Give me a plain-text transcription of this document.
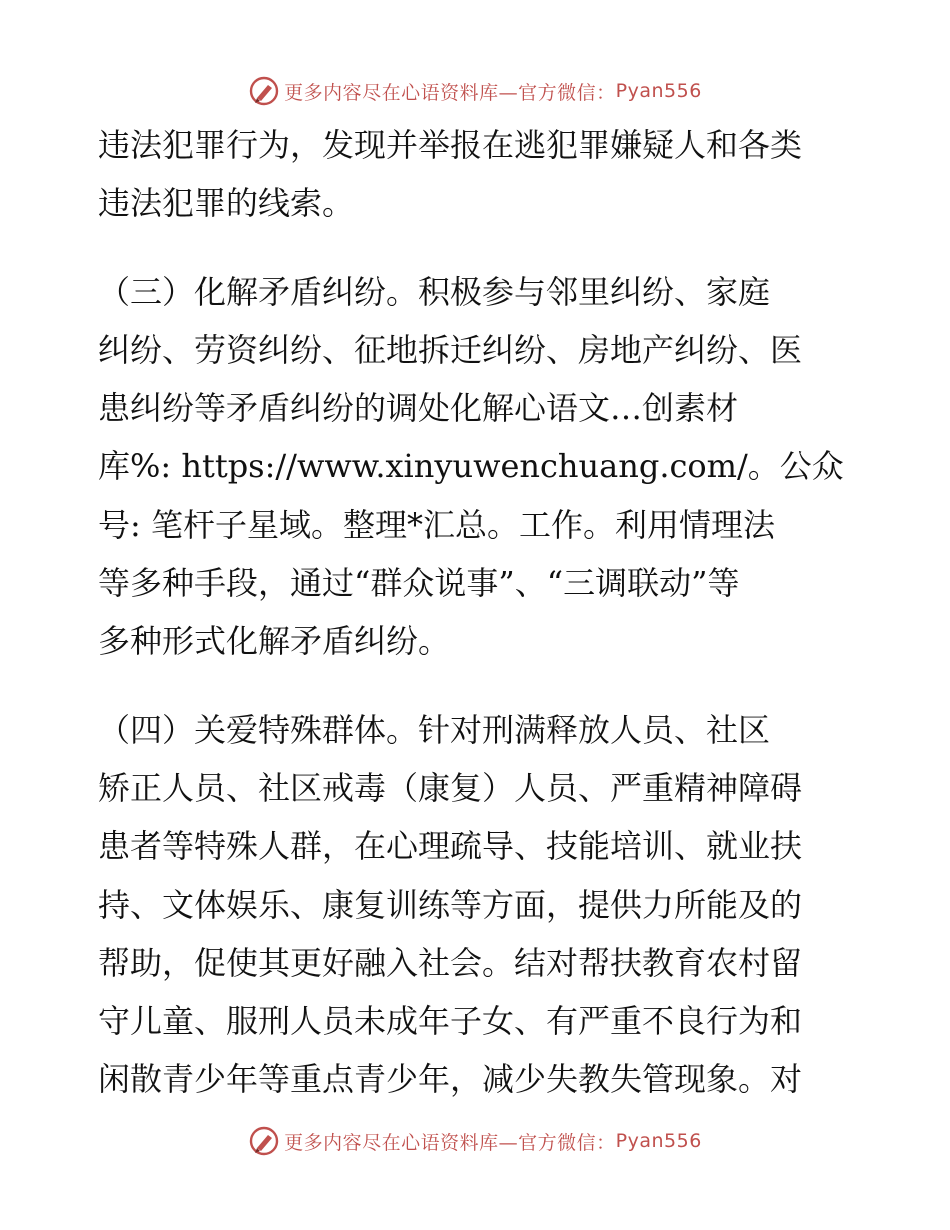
更多内容尽在心语资料库—官方微信： Pyan556
违法犯罪行为，发现并举报在逃犯罪嫌疑人和各类
违法犯罪的线索。
（三）化解矛盾纠纷。积极参与邻里纠纷、家庭
纠纷、劳资纠纷、征地拆迁纠纷、房地产纠纷、医
患纠纷等矛盾纠纷的调处化解心语文…创素材
库%: https://www.xinyuwenchuang.com/。公众
号: 笔杆子星域。整理*汇总。工作。利用情理法
等多种手段，通过“群众说事”、“三调联动”等
多种形式化解矛盾纠纷。
（四）关爱特殊群体。针对刑满释放人员、社区
矫正人员、社区戒毒（康复）人员、严重精神障碍
患者等特殊人群，在心理疏导、技能培训、就业扶
持、文体娱乐、康复训练等方面，提供力所能及的
帮助，促使其更好融入社会。结对帮扶教育农村留
守儿童、服刑人员未成年子女、有严重不良行为和
闲散青少年等重点青少年，减少失教失管现象。对
更多内容尽在心语资料库—官方微信： Pyan556
